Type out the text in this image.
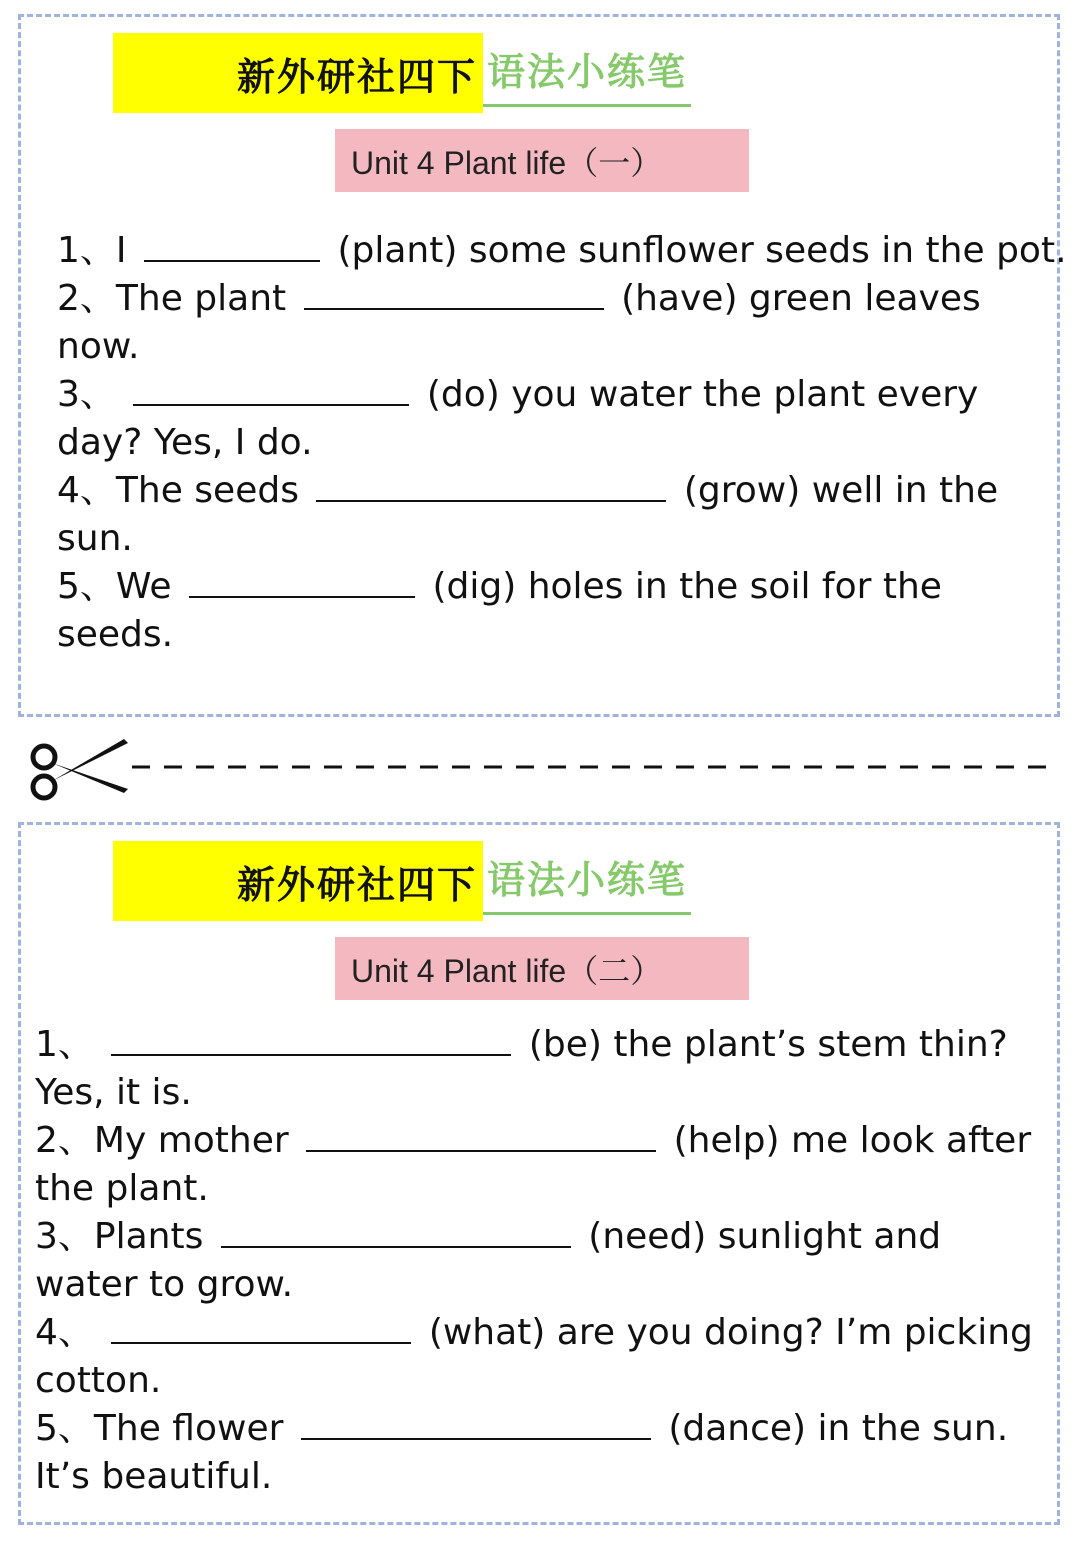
新外研社四下 语法小练笔
Unit 4 Plant life（一）
1、I	(plant) some sunflower seeds in the pot.
2、The plant	(have) green leaves now.
3、	(do) you water the plant every day? Yes, I do.
4、The seeds	(grow) well in the sun.
5、We	(dig) holes in the soil for the seeds.
新外研社四下 语法小练笔
Unit 4 Plant life（二）
1、	(be) the plant’s stem thin? Yes, it is.
2、My mother	(help) me look after the plant.
3、Plants	(need) sunlight and water to grow.
4、	(what) are you doing? I’m picking cotton.
5、The flower	(dance) in the sun. It’s beautiful.
